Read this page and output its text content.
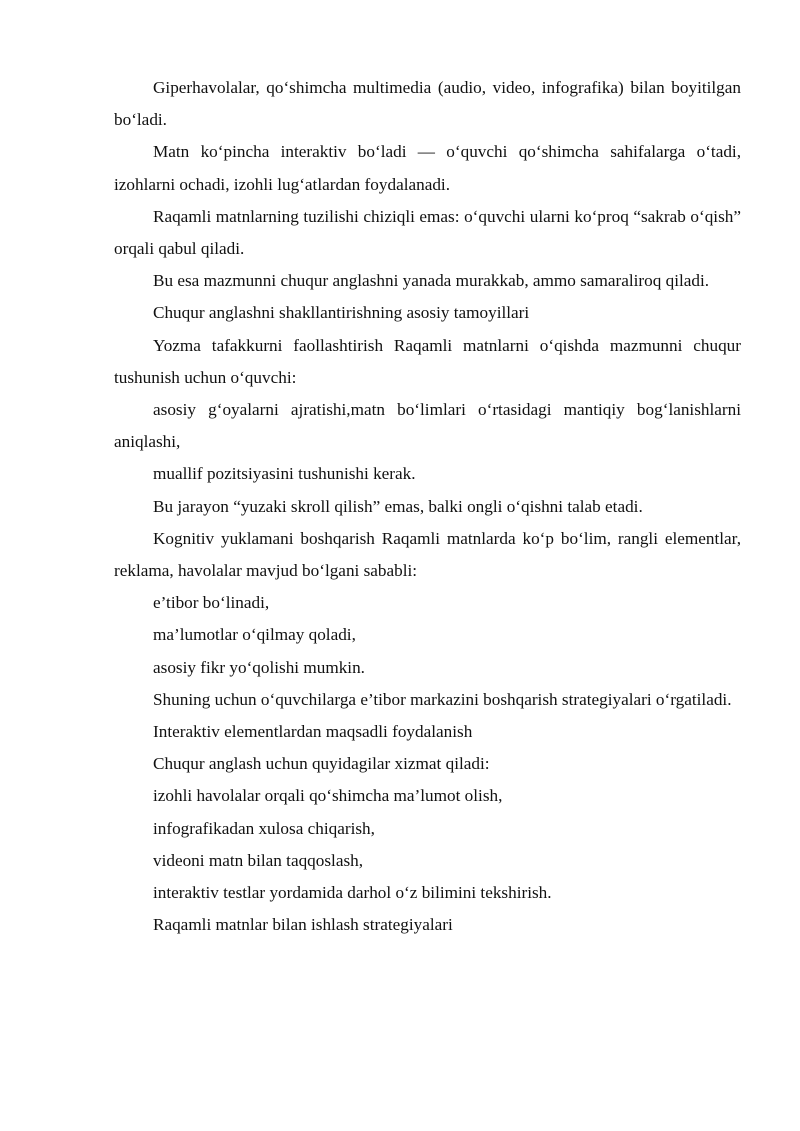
Giperhavolalar, qo‘shimcha multimedia (audio, video, infografika) bilan boyitilgan bo‘ladi.

Matn ko‘pincha interaktiv bo‘ladi — o‘quvchi qo‘shimcha sahifalarga o‘tadi, izohlarni ochadi, izohli lug‘atlardan foydalanadi.

Raqamli matnlarning tuzilishi chiziqli emas: o‘quvchi ularni ko‘proq “sakrab o‘qish” orqali qabul qiladi.

Bu esa mazmunni chuqur anglashni yanada murakkab, ammo samaraliroq qiladi.

Chuqur anglashni shakllantirishning asosiy tamoyillari

Yozma tafakkurni faollashtirish Raqamli matnlarni o‘qishda mazmunni chuqur tushunish uchun o‘quvchi:

asosiy g‘oyalarni ajratishi,matn bo‘limlari o‘rtasidagi mantiqiy bog‘lanishlarni aniqlashi,

muallif pozitsiyasini tushunishi kerak.

Bu jarayon “yuzaki skroll qilish” emas, balki ongli o‘qishni talab etadi.

Kognitiv yuklamani boshqarish Raqamli matnlarda ko‘p bo‘lim, rangli elementlar, reklama, havolalar mavjud bo‘lgani sababli:

e’tibor bo‘linadi,

ma’lumotlar o‘qilmay qoladi,

asosiy fikr yo‘qolishi mumkin.

Shuning uchun o‘quvchilarga e’tibor markazini boshqarish strategiyalari o‘rgatiladi.

Interaktiv elementlardan maqsadli foydalanish

Chuqur anglash uchun quyidagilar xizmat qiladi:

izohli havolalar orqali qo‘shimcha ma’lumot olish,

infografikadan xulosa chiqarish,

videoni matn bilan taqqoslash,

interaktiv testlar yordamida darhol o‘z bilimini tekshirish.

Raqamli matnlar bilan ishlash strategiyalari
